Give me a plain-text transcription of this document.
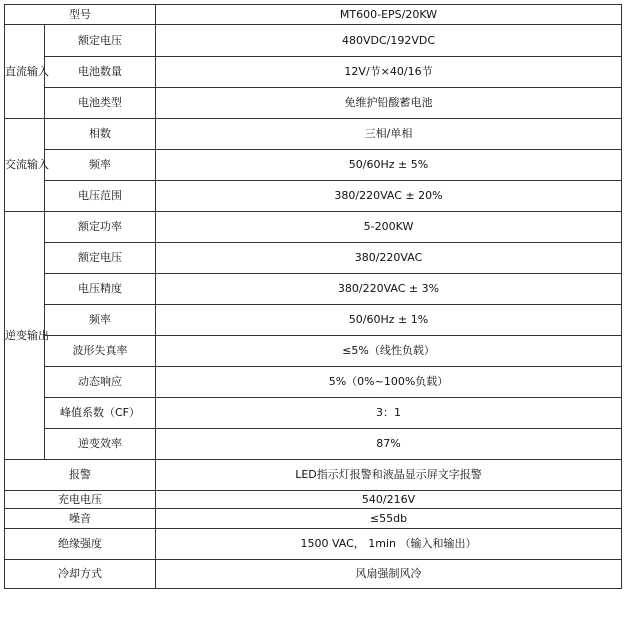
型号		MT600-EPS/20KW
直流输入	额定电压	480VDC/192VDC
	电池数量	12V/节×40/16节
	电池类型	免维护铅酸蓄电池
交流输入	相数	三相/单相
	频率	50/60Hz ± 5%
	电压范围	380/220VAC ± 20%
逆变输出	额定功率	5-200KW
	额定电压	380/220VAC
	电压精度	380/220VAC ± 3%
	频率	50/60Hz ± 1%
	波形失真率	≤5%（线性负载）
	动态响应	5%（0%~100%负载）
	峰值系数（CF）	3：1
	逆变效率	87%
报警		LED指示灯报警和液晶显示屏文字报警
充电电压		540/216V
噪音		≤55db
绝缘强度		1500 VAC， 1min （输入和输出）
冷却方式		风扇强制风冷
